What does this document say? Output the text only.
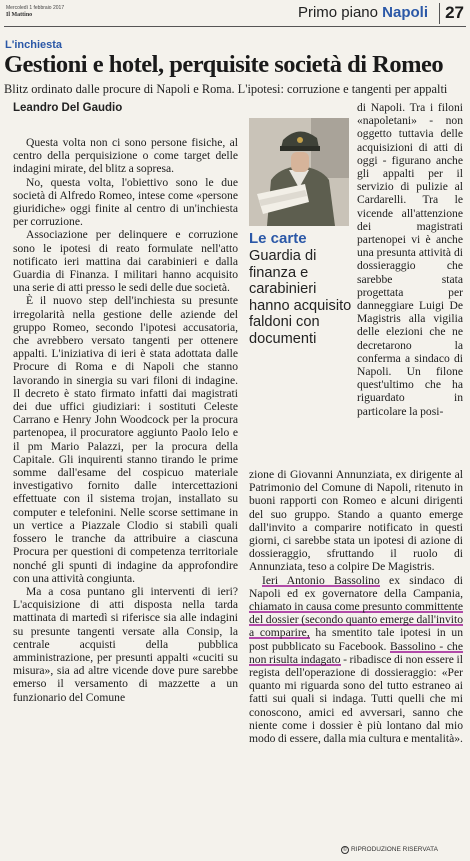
Mercoledì 1 febbraio 2017
Il Mattino	Primo piano Napoli	27
L'inchiesta
Gestioni e hotel, perquisite società di Romeo
Blitz ordinato dalle procure di Napoli e Roma. L'ipotesi: corruzione e tangenti per appalti
Leandro Del Gaudio

Questa volta non ci sono persone fisiche, al centro della perquisizione o come target delle indagini mirate, del blitz a sopresa.

No, questa volta, l'obiettivo sono le due società di Alfredo Romeo, intese come «persone giuridiche» oggi finite al centro di un'inchiesta per corruzione.

Associazione per delinquere e corruzione sono le ipotesi di reato formulate nell'atto notificato ieri mattina dai carabinieri e dalla Guardia di Finanza. I militari hanno acquisito una serie di atti presso le sedi delle due società.

È il nuovo step dell'inchiesta su presunte irregolarità nella gestione delle aziende del gruppo Romeo, secondo l'ipotesi accusatoria, che avrebbero versato tangenti per ottenere appalti. L'iniziativa di ieri è stata adottata dalle Procure di Roma e di Napoli che stanno lavorando in sinergia su vari filoni di indagine. Il decreto è stato firmato infatti dai magistrati dei due uffici giudiziari: i sostituti Celeste Carrano e Henry John Woodcock per la procura partenopea, il procuratore aggiunto Paolo Ielo e il pm Mario Palazzi, per la procura della Capitale. Gli inquirenti stanno tirando le prime somme dall'esame del cospicuo materiale investigativo fornito dalle intercettazioni effettuate con il sistema trojan, installato su computer e telefonini. Nelle scorse settimane in un vertice a Piazzale Clodio si stabilì quali fossero le tranche da attribuire a ciascuna Procura per questioni di competenza territoriale nonché gli spunti di indagine da approfondire con una attività congiunta.

Ma a cosa puntano gli interventi di ieri? L'acquisizione di atti disposta nella tarda mattinata di martedì si riferisce sia alle indagini su presunte tangenti versate alla Consip, la centrale acquisti della pubblica amministrazione, per presunti appalti «cuciti su misura», sia ad altre vicende dove pure sarebbe emerso il versamento di mazzette a un funzionario del Comune

Le carte
Guardia di finanza e carabinieri hanno acquisito faldoni con documenti

di Napoli. Tra i filoni «napoletani» - non oggetto tuttavia delle acquisizioni di atti di oggi - figurano anche gli appalti per il servizio di pulizie al Cardarelli. Tra le vicende all'attenzione dei magistrati partenopei vi è anche una presunta attività di dossieraggio che sarebbe stata progettata per danneggiare Luigi De Magistris alla vigilia delle elezioni che ne decretarono la conferma a sindaco di Napoli. Un filone quest'ultimo che ha riguardato in particolare la posi-

zione di Giovanni Annunziata, ex dirigente al Patrimonio del Comune di Napoli, ritenuto in buoni rapporti con Romeo e alcuni dirigenti del suo gruppo. Stando a quanto emerge dall'invito a comparire notificato in questi giorni, ci sarebbe stata un ipotesi di azione di dossieraggio, sfruttando il ruolo di Annunziata, teso a colpire De Magistris.

Ieri Antonio Bassolino ex sindaco di Napoli ed ex governatore della Campania, chiamato in causa come presunto committente del dossier (secondo quanto emerge dall'invito a comparire, ha smentito tale ipotesi in un post pubblicato su Facebook. Bassolino - che non risulta indagato - ribadisce di non essere il regista dell'operazione di dossieraggio: «Per quanto mi riguarda sono del tutto estraneo ai fatti sui quali si indaga. Tutti quelli che mi conoscono, amici ed avversari, sanno che niente come i dossier è più lontano dal mio modo di essere, dalla mia cultura e mentalità».

© RIPRODUZIONE RISERVATA
